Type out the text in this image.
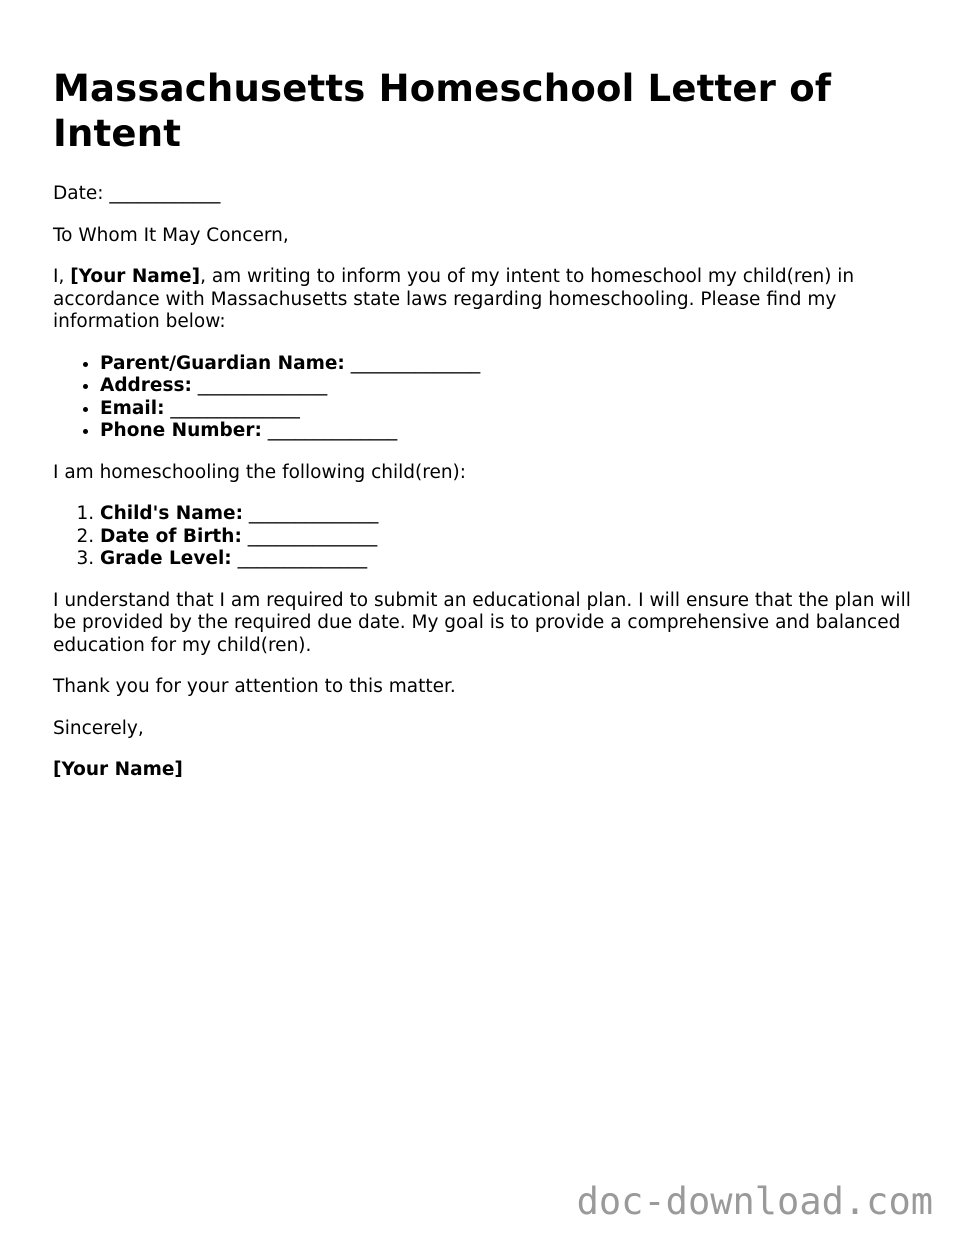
Massachusetts Homeschool Letter of Intent

Date: ____________

To Whom It May Concern,

I, [Your Name], am writing to inform you of my intent to homeschool my child(ren) in accordance with Massachusetts state laws regarding homeschooling. Please find my information below:

• Parent/Guardian Name: ______________
• Address: ______________
• Email: ______________
• Phone Number: ______________

I am homeschooling the following child(ren):

1. Child's Name: ______________
2. Date of Birth: ______________
3. Grade Level: ______________

I understand that I am required to submit an educational plan. I will ensure that the plan will be provided by the required due date. My goal is to provide a comprehensive and balanced education for my child(ren).

Thank you for your attention to this matter.

Sincerely,

[Your Name]

doc-download.com
